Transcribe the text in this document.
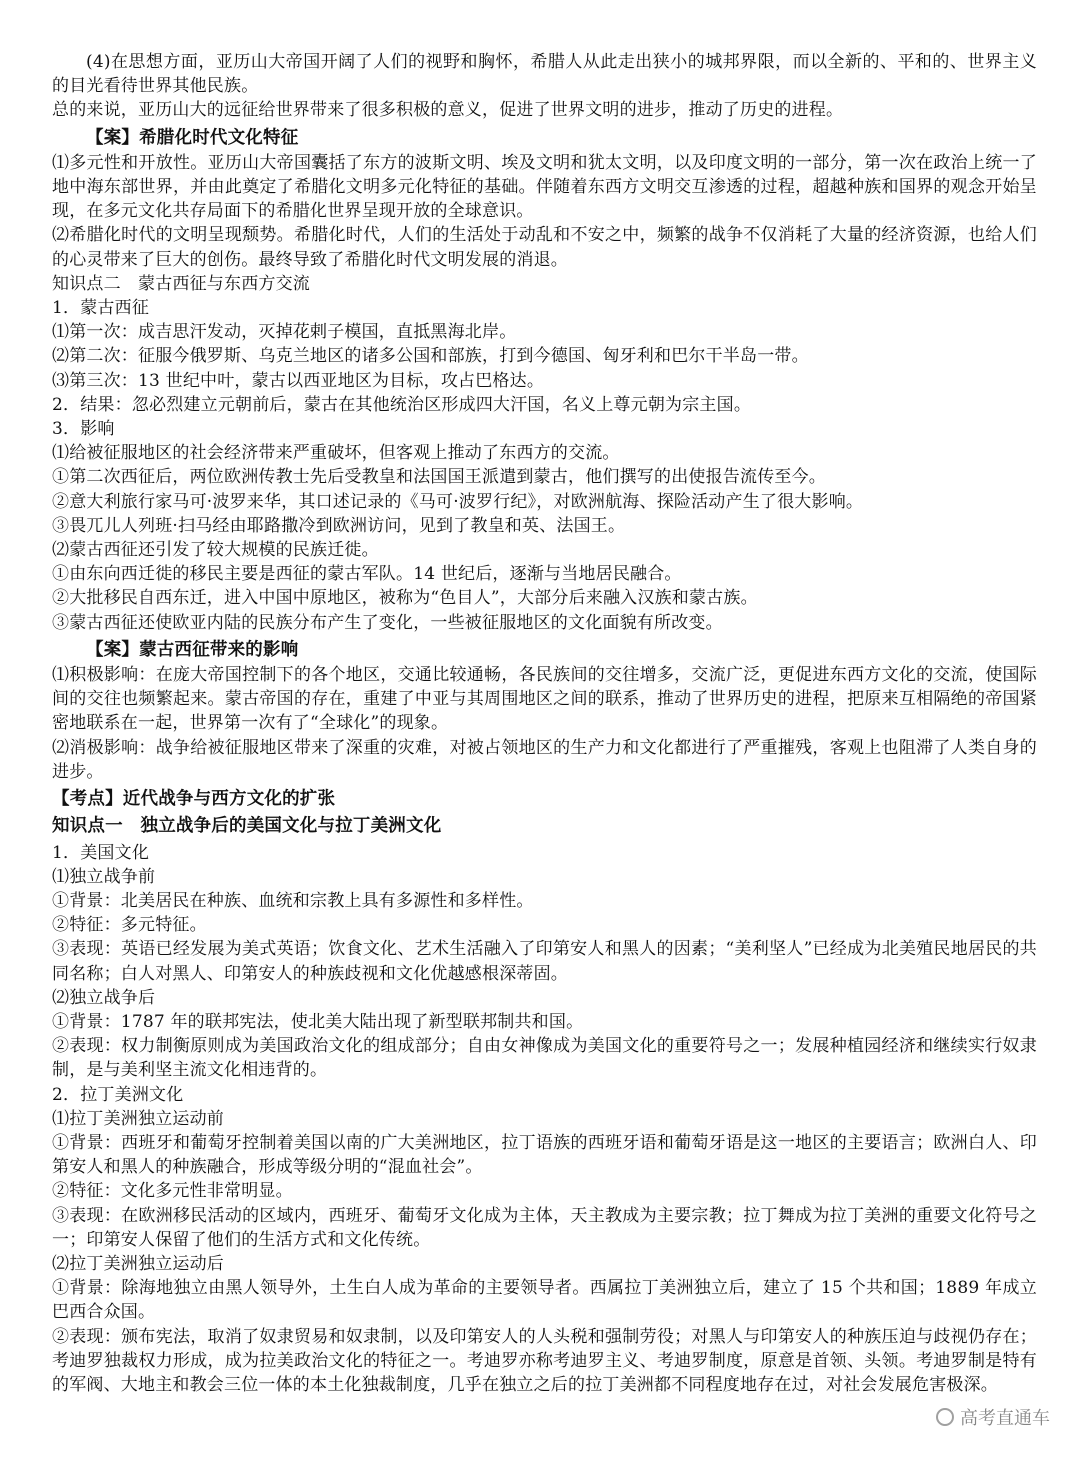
(4)在思想方面，亚历山大帝国开阔了人们的视野和胸怀，希腊人从此走出狭小的城邦界限，而以全新的、平和的、世界主义的目光看待世界其他民族。

总的来说，亚历山大的远征给世界带来了很多积极的意义，促进了世界文明的进步，推动了历史的进程。

【案】希腊化时代文化特征

⑴多元性和开放性。亚历山大帝国囊括了东方的波斯文明、埃及文明和犹太文明，以及印度文明的一部分，第一次在政治上统一了地中海东部世界，并由此奠定了希腊化文明多元化特征的基础。伴随着东西方文明交互渗透的过程，超越种族和国界的观念开始呈现，在多元文化共存局面下的希腊化世界呈现开放的全球意识。

⑵希腊化时代的文明呈现颓势。希腊化时代，人们的生活处于动乱和不安之中，频繁的战争不仅消耗了大量的经济资源，也给人们的心灵带来了巨大的创伤。最终导致了希腊化时代文明发展的消退。

知识点二　蒙古西征与东西方交流

1．蒙古西征

⑴第一次：成吉思汗发动，灭掉花剌子模国，直抵黑海北岸。

⑵第二次：征服今俄罗斯、乌克兰地区的诸多公国和部族，打到今德国、匈牙利和巴尔干半岛一带。

⑶第三次：13 世纪中叶，蒙古以西亚地区为目标，攻占巴格达。

2．结果：忽必烈建立元朝前后，蒙古在其他统治区形成四大汗国，名义上尊元朝为宗主国。

3．影响

⑴给被征服地区的社会经济带来严重破坏，但客观上推动了东西方的交流。

①第二次西征后，两位欧洲传教士先后受教皇和法国国王派遣到蒙古，他们撰写的出使报告流传至今。

②意大利旅行家马可·波罗来华，其口述记录的《马可·波罗行纪》，对欧洲航海、探险活动产生了很大影响。

③畏兀儿人列班·扫马经由耶路撒冷到欧洲访问，见到了教皇和英、法国王。

⑵蒙古西征还引发了较大规模的民族迁徙。

①由东向西迁徙的移民主要是西征的蒙古军队。14 世纪后，逐渐与当地居民融合。

②大批移民自西东迁，进入中国中原地区，被称为“色目人”，大部分后来融入汉族和蒙古族。

③蒙古西征还使欧亚内陆的民族分布产生了变化，一些被征服地区的文化面貌有所改变。

【案】蒙古西征带来的影响

⑴积极影响：在庞大帝国控制下的各个地区，交通比较通畅，各民族间的交往增多，交流广泛，更促进东西方文化的交流，使国际间的交往也频繁起来。蒙古帝国的存在，重建了中亚与其周围地区之间的联系，推动了世界历史的进程，把原来互相隔绝的帝国紧密地联系在一起，世界第一次有了“全球化”的现象。

⑵消极影响：战争给被征服地区带来了深重的灾难，对被占领地区的生产力和文化都进行了严重摧残，客观上也阻滞了人类自身的进步。

【考点】近代战争与西方文化的扩张

知识点一　独立战争后的美国文化与拉丁美洲文化

1．美国文化

⑴独立战争前

①背景：北美居民在种族、血统和宗教上具有多源性和多样性。

②特征：多元特征。

③表现：英语已经发展为美式英语；饮食文化、艺术生活融入了印第安人和黑人的因素；“美利坚人”已经成为北美殖民地居民的共同名称；白人对黑人、印第安人的种族歧视和文化优越感根深蒂固。

⑵独立战争后

①背景：1787 年的联邦宪法，使北美大陆出现了新型联邦制共和国。

②表现：权力制衡原则成为美国政治文化的组成部分；自由女神像成为美国文化的重要符号之一；发展种植园经济和继续实行奴隶制，是与美利坚主流文化相违背的。

2．拉丁美洲文化

⑴拉丁美洲独立运动前

①背景：西班牙和葡萄牙控制着美国以南的广大美洲地区，拉丁语族的西班牙语和葡萄牙语是这一地区的主要语言；欧洲白人、印第安人和黑人的种族融合，形成等级分明的“混血社会”。

②特征：文化多元性非常明显。

③表现：在欧洲移民活动的区域内，西班牙、葡萄牙文化成为主体，天主教成为主要宗教；拉丁舞成为拉丁美洲的重要文化符号之一；印第安人保留了他们的生活方式和文化传统。

⑵拉丁美洲独立运动后

①背景：除海地独立由黑人领导外，土生白人成为革命的主要领导者。西属拉丁美洲独立后，建立了 15 个共和国；1889 年成立巴西合众国。

②表现：颁布宪法，取消了奴隶贸易和奴隶制，以及印第安人的人头税和强制劳役；对黑人与印第安人的种族压迫与歧视仍存在；考迪罗独裁权力形成，成为拉美政治文化的特征之一。考迪罗亦称考迪罗主义、考迪罗制度，原意是首领、头领。考迪罗制是特有的军阀、大地主和教会三位一体的本土化独裁制度，几乎在独立之后的拉丁美洲都不同程度地存在过，对社会发展危害极深。

高考直通车
